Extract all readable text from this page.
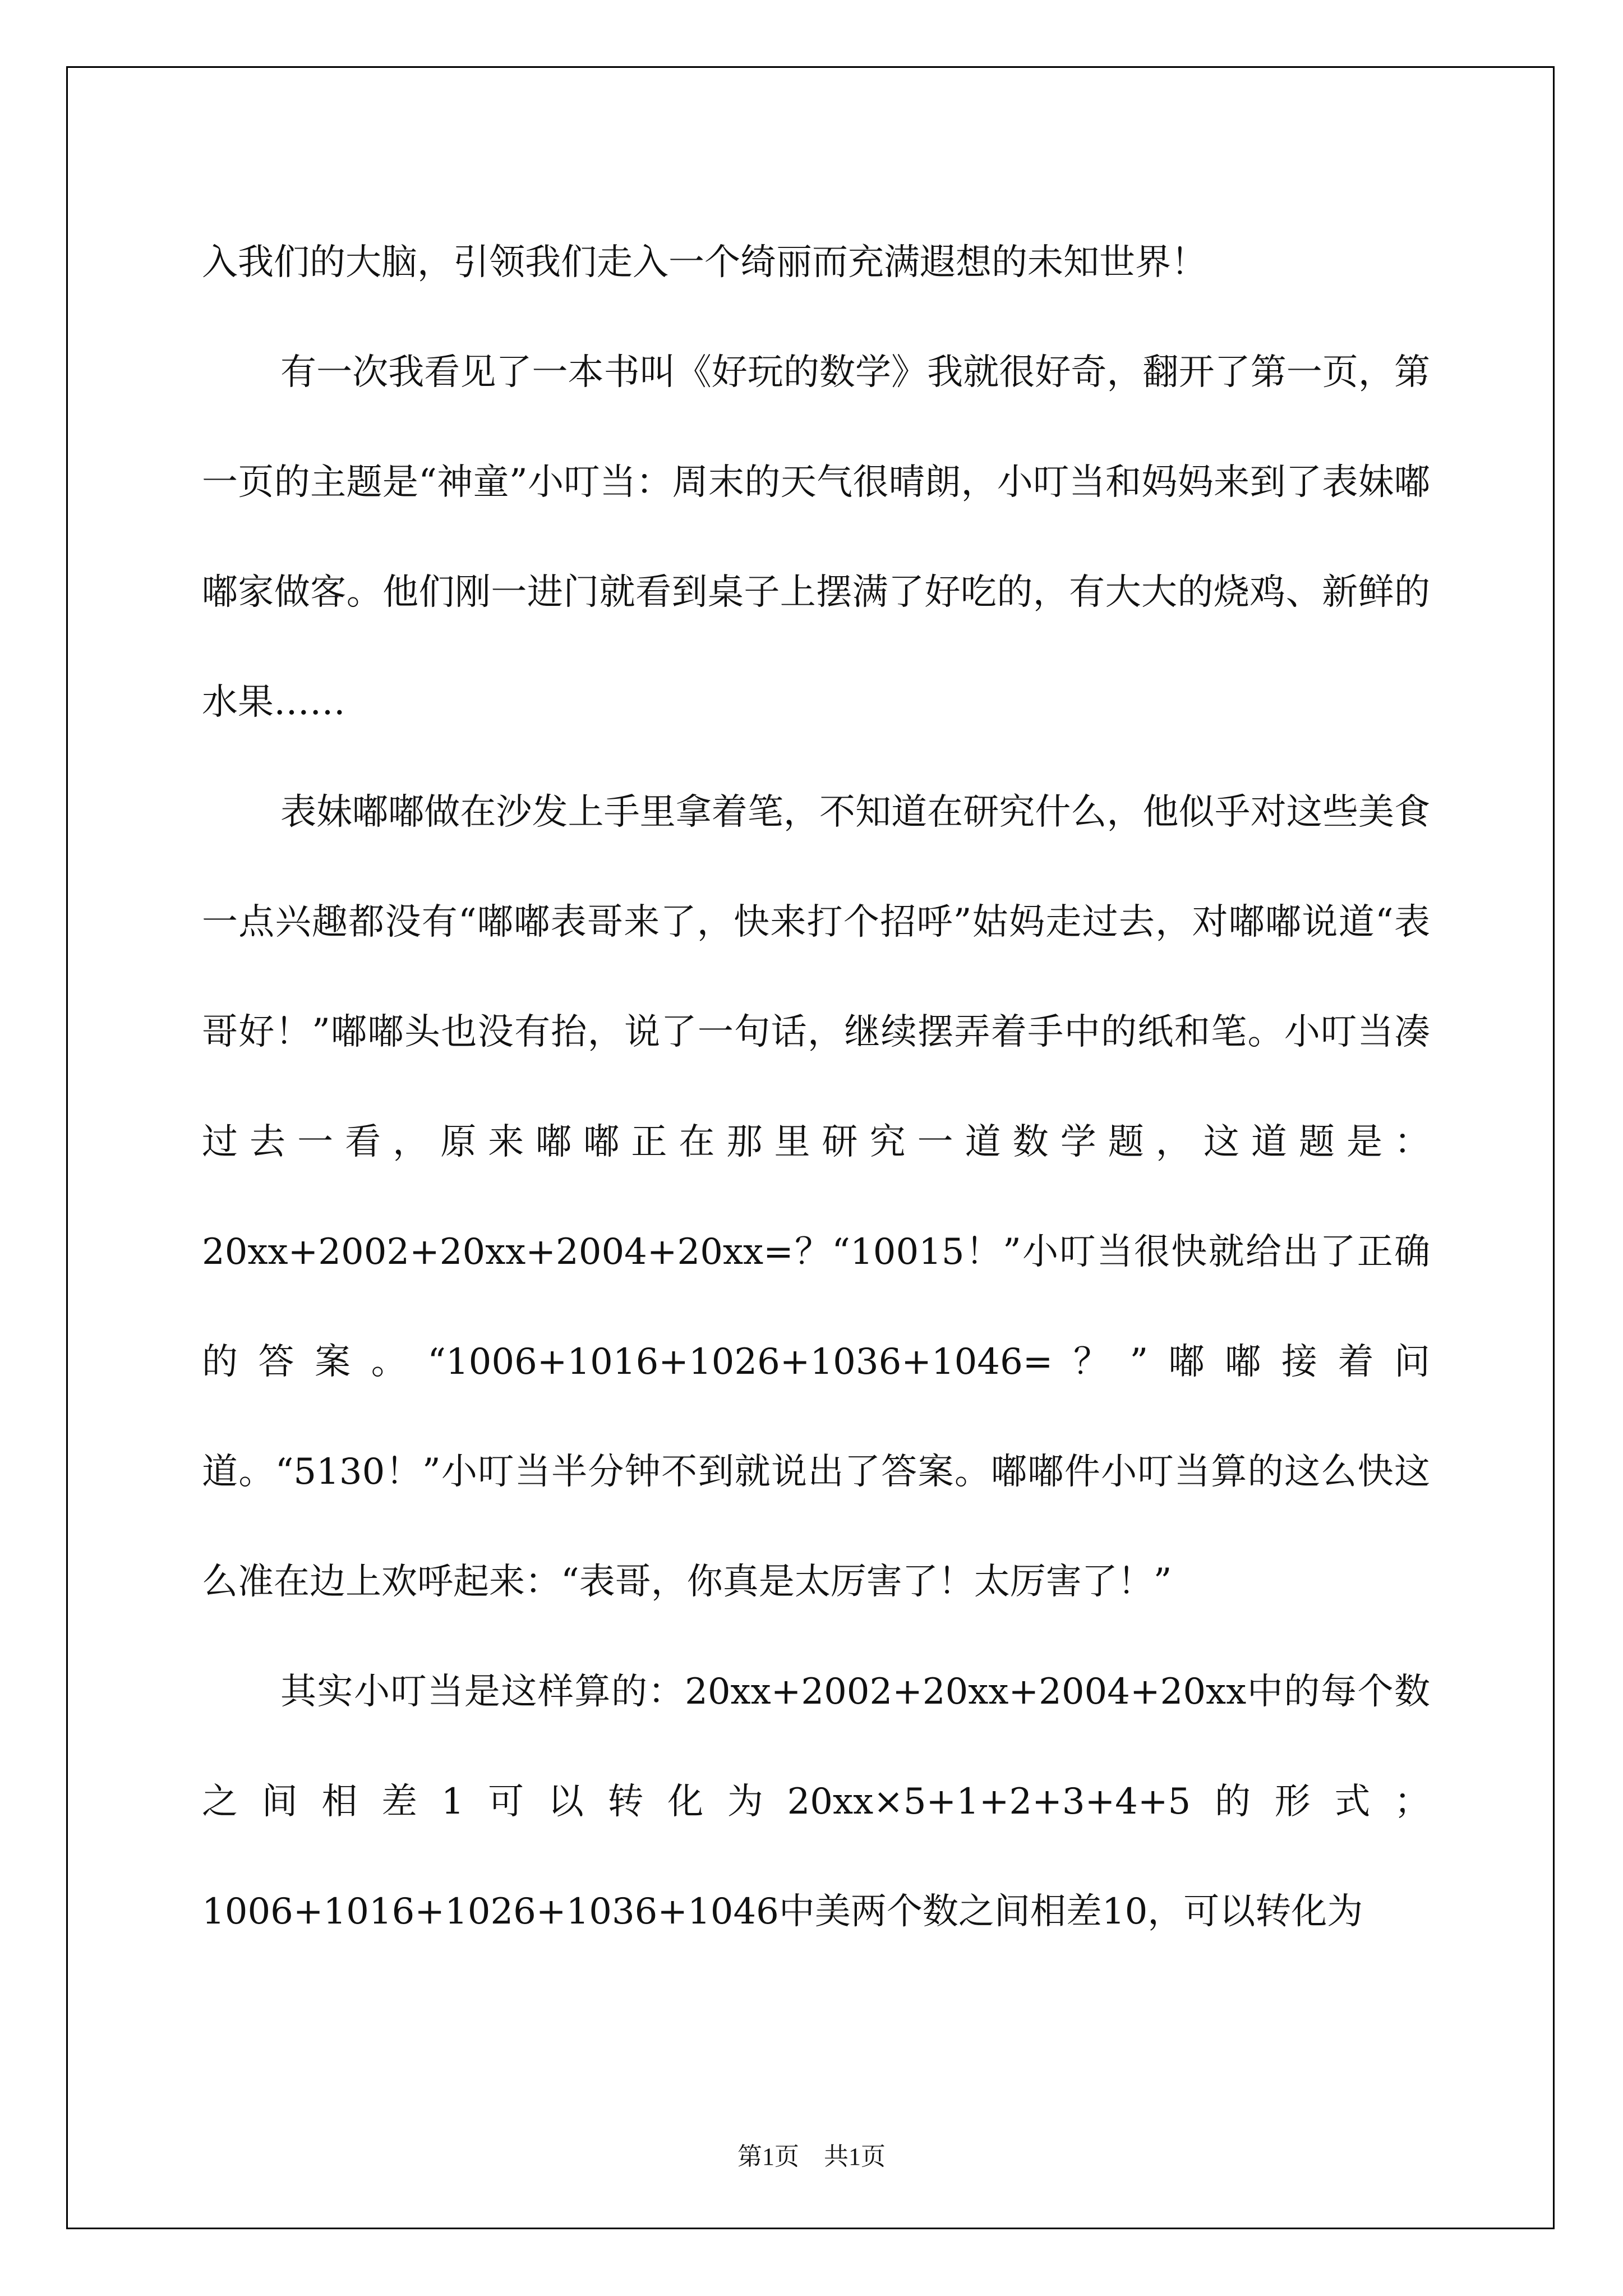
入我们的大脑，引领我们走入一个绮丽而充满遐想的未知世界！

有一次我看见了一本书叫《好玩的数学》我就很好奇，翻开了第一页，第一页的主题是“神童”小叮当：周末的天气很晴朗，小叮当和妈妈来到了表妹嘟嘟家做客。他们刚一进门就看到桌子上摆满了好吃的，有大大的烧鸡、新鲜的水果……

表妹嘟嘟做在沙发上手里拿着笔，不知道在研究什么，他似乎对这些美食一点兴趣都没有“嘟嘟表哥来了，快来打个招呼”姑妈走过去，对嘟嘟说道“表哥好！”嘟嘟头也没有抬，说了一句话，继续摆弄着手中的纸和笔。小叮当凑过去一看，原来嘟嘟正在那里研究一道数学题，这道题是：20xx+2002+20xx+2004+20xx=？“10015！”小叮当很快就给出了正确的答案。“1006+1016+1026+1036+1046=？”嘟嘟接着问道。“5130！”小叮当半分钟不到就说出了答案。嘟嘟件小叮当算的这么快这么准在边上欢呼起来：“表哥，你真是太厉害了！太厉害了！”

其实小叮当是这样算的：20xx+2002+20xx+2004+20xx中的每个数之间相差1可以转化为20xx×5+1+2+3+4+5的形式；1006+1016+1026+1036+1046中美两个数之间相差10，可以转化为

第1页　共1页
